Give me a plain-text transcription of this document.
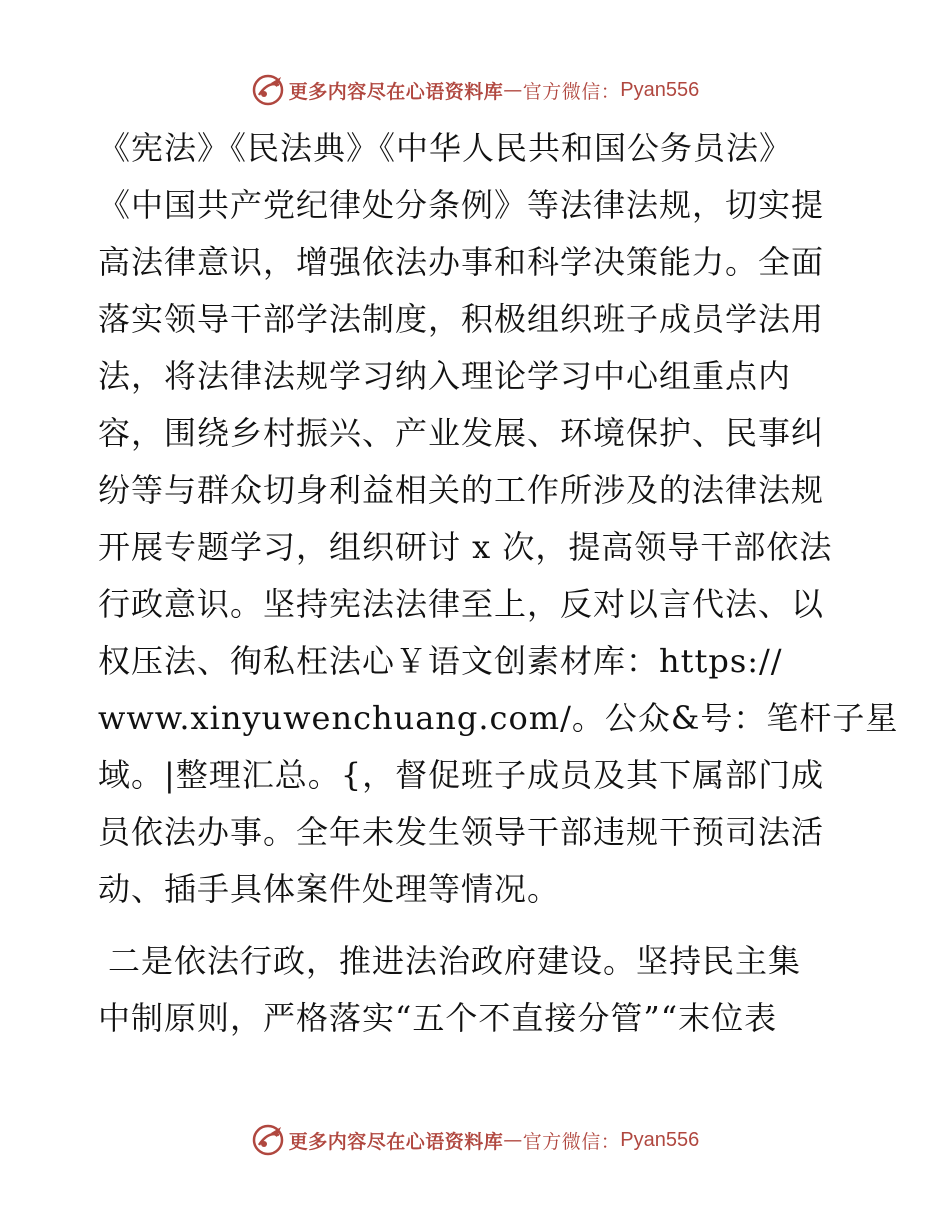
更多内容尽在心语资料库 — 官方微信： Pyan556
《宪法》《民法典》《中华人民共和国公务员法》
《中国共产党纪律处分条例》等法律法规，切实提
高法律意识，增强依法办事和科学决策能力。全面
落实领导干部学法制度，积极组织班子成员学法用
法，将法律法规学习纳入理论学习中心组重点内
容，围绕乡村振兴、产业发展、环境保护、民事纠
纷等与群众切身利益相关的工作所涉及的法律法规
开展专题学习，组织研讨 x 次，提高领导干部依法
行政意识。坚持宪法法律至上，反对以言代法、以
权压法、徇私枉法心￥语文创素材库：https://
www.xinyuwenchuang.com/。公众&号：笔杆子星
域。|整理汇总。{，督促班子成员及其下属部门成
员依法办事。全年未发生领导干部违规干预司法活
动、插手具体案件处理等情况。
二是依法行政，推进法治政府建设。坚持民主集
中制原则，严格落实“五个不直接分管”“末位表
更多内容尽在心语资料库 — 官方微信： Pyan556
